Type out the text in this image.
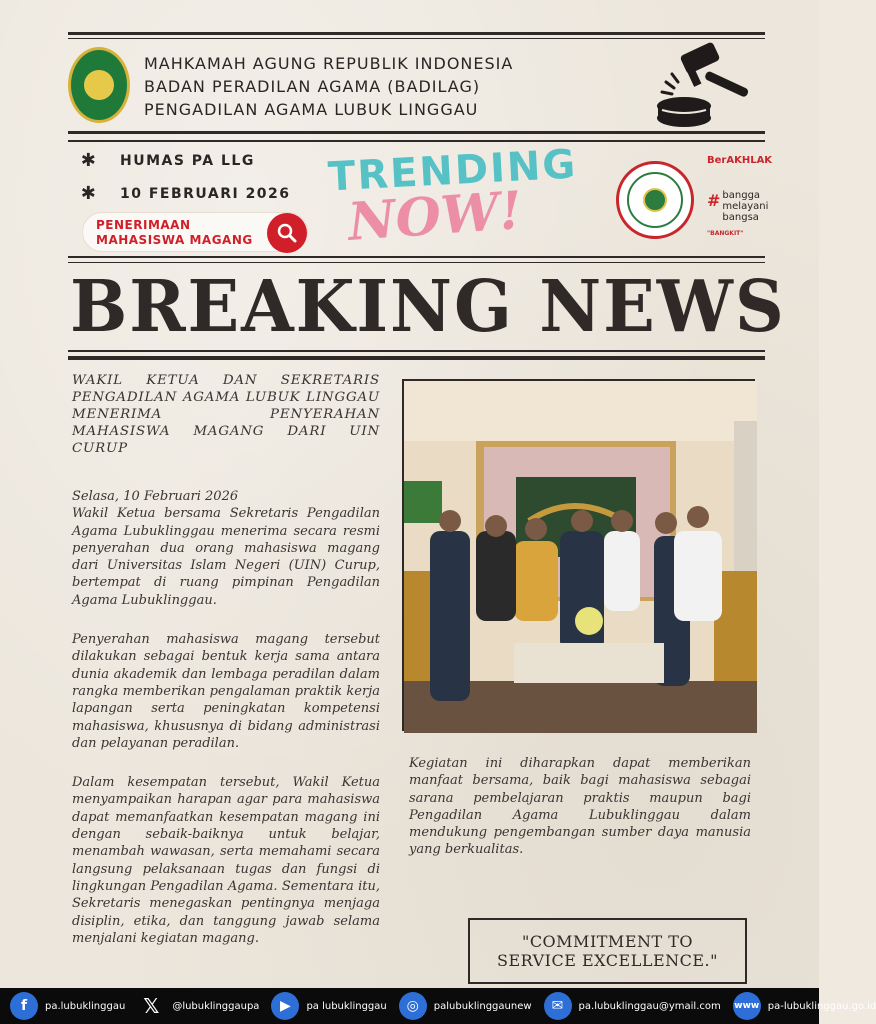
MAHKAMAH AGUNG REPUBLIK INDONESIA
BADAN PERADILAN AGAMA (BADILAG)
PENGADILAN AGAMA LUBUK LINGGAU
✱ HUMAS PA LLG
✱ 10 FEBRUARI 2026
PENERIMAAN
MAHASISWA MAGANG
TRENDING
NOW!
BerAKHLAK
# bangga
melayani
bangsa
"BANGKIT"
BREAKING NEWS
WAKIL KETUA DAN SEKRETARIS PENGADILAN AGAMA LUBUK LINGGAU MENERIMA PENYERAHAN MAHASISWA MAGANG DARI UIN CURUP
Selasa, 10 Februari 2026
Wakil Ketua bersama Sekretaris Pengadilan Agama Lubuklinggau menerima secara resmi penyerahan dua orang mahasiswa magang dari Universitas Islam Negeri (UIN) Curup, bertempat di ruang pimpinan Pengadilan Agama Lubuklinggau.
Penyerahan mahasiswa magang tersebut dilakukan sebagai bentuk kerja sama antara dunia akademik dan lembaga peradilan dalam rangka memberikan pengalaman praktik kerja lapangan serta peningkatan kompetensi mahasiswa, khususnya di bidang administrasi dan pelayanan peradilan.
Dalam kesempatan tersebut, Wakil Ketua menyampaikan harapan agar para mahasiswa dapat memanfaatkan kesempatan magang ini dengan sebaik-baiknya untuk belajar, menambah wawasan, serta memahami secara langsung pelaksanaan tugas dan fungsi di lingkungan Pengadilan Agama. Sementara itu, Sekretaris menegaskan pentingnya menjaga disiplin, etika, dan tanggung jawab selama menjalani kegiatan magang.
Kegiatan ini diharapkan dapat memberikan manfaat bersama, baik bagi mahasiswa sebagai sarana pembelajaran praktis maupun bagi Pengadilan Agama Lubuklinggau dalam mendukung pengembangan sumber daya manusia yang berkualitas.
"COMMITMENT TO
SERVICE EXCELLENCE."
f	pa.lubuklinggau 𝕏	@lubuklinggaupa	▶	pa lubuklinggau	◎	palubuklinggaunew	✉	pa.lubuklinggau@ymail.com www pa-lubuklinggau.go.id
